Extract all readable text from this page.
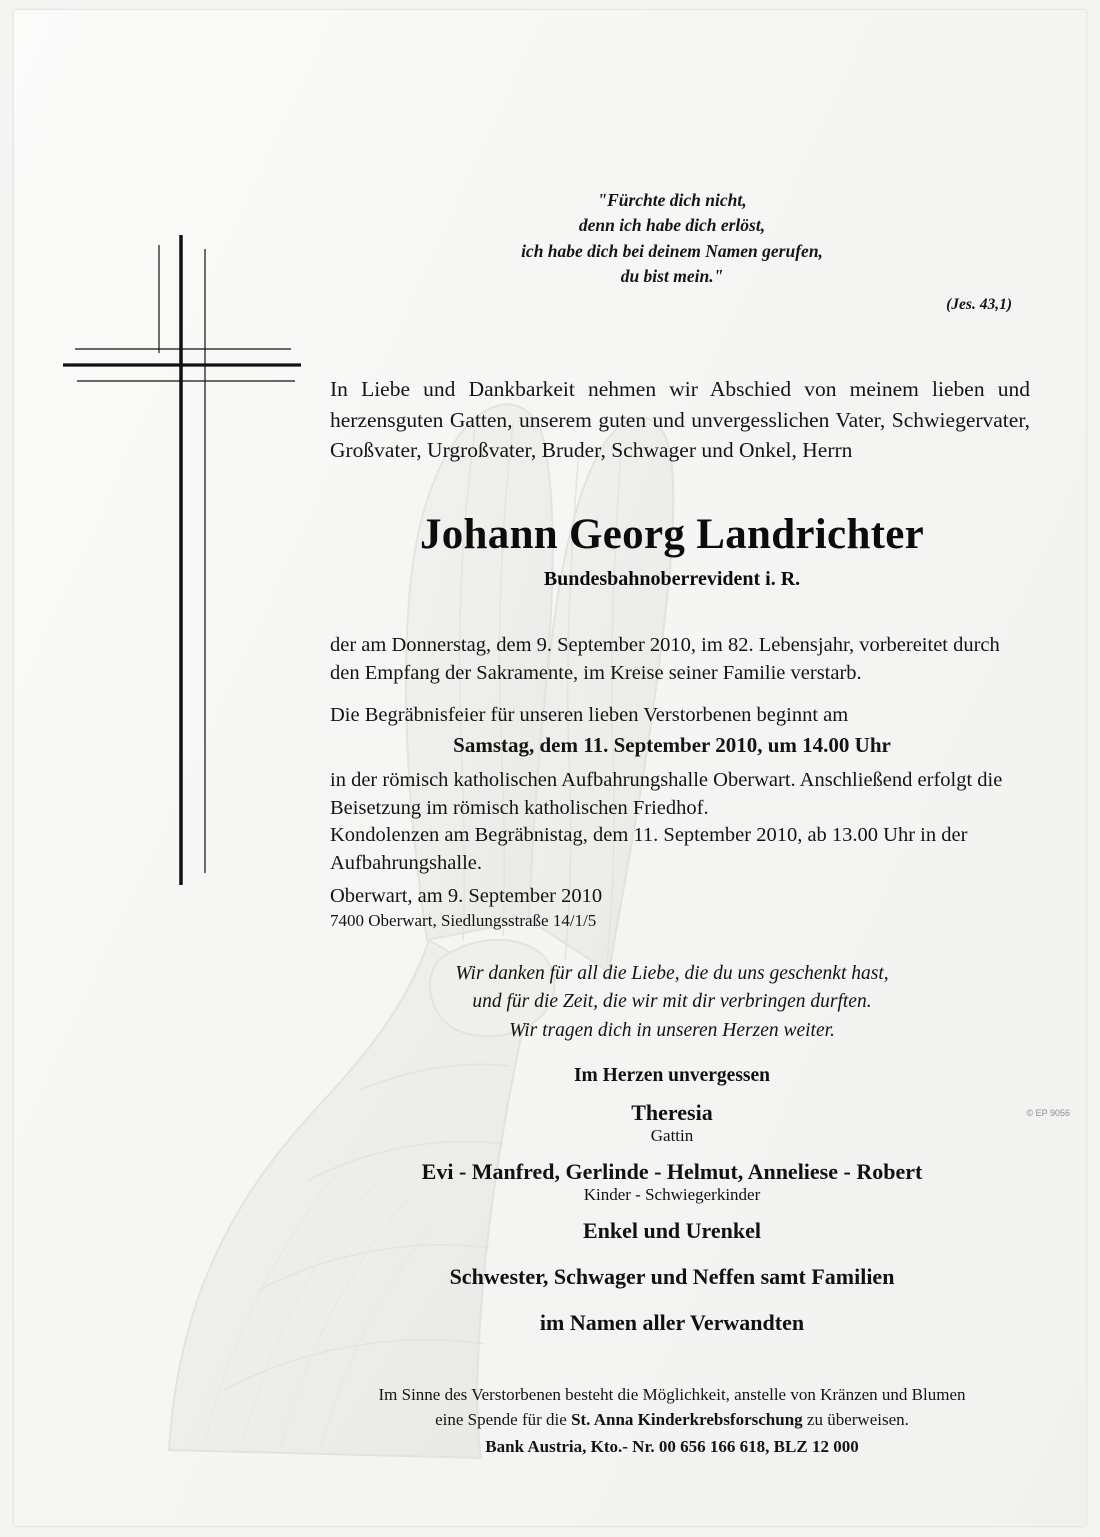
"Fürchte dich nicht,
denn ich habe dich erlöst,
ich habe dich bei deinem Namen gerufen,
du bist mein."
(Jes. 43,1)
In Liebe und Dankbarkeit nehmen wir Abschied von meinem lieben und herzensguten Gatten, unserem guten und unvergesslichen Vater, Schwiegervater, Großvater, Urgroßvater, Bruder, Schwager und Onkel, Herrn
Johann Georg Landrichter
Bundesbahnoberrevident i. R.
der am Donnerstag, dem 9. September 2010, im 82. Lebensjahr, vorbereitet durch den Empfang der Sakramente, im Kreise seiner Familie verstarb.
Die Begräbnisfeier für unseren lieben Verstorbenen beginnt am
Samstag, dem 11. September 2010, um 14.00 Uhr
in der römisch katholischen Aufbahrungshalle Oberwart. Anschließend erfolgt die Beisetzung im römisch katholischen Friedhof.
Kondolenzen am Begräbnistag, dem 11. September 2010, ab 13.00 Uhr in der Aufbahrungshalle.
Oberwart, am 9. September 2010
7400 Oberwart, Siedlungsstraße 14/1/5
Wir danken für all die Liebe, die du uns geschenkt hast,
und für die Zeit, die wir mit dir verbringen durften.
Wir tragen dich in unseren Herzen weiter.
Im Herzen unvergessen
Theresia
Gattin
Evi - Manfred, Gerlinde - Helmut, Anneliese - Robert
Kinder - Schwiegerkinder
Enkel und Urenkel
Schwester, Schwager und Neffen samt Familien
im Namen aller Verwandten
Im Sinne des Verstorbenen besteht die Möglichkeit, anstelle von Kränzen und Blumen
eine Spende für die St. Anna Kinderkrebsforschung zu überweisen.
Bank Austria, Kto.- Nr. 00 656 166 618, BLZ 12 000
© EP 9056
